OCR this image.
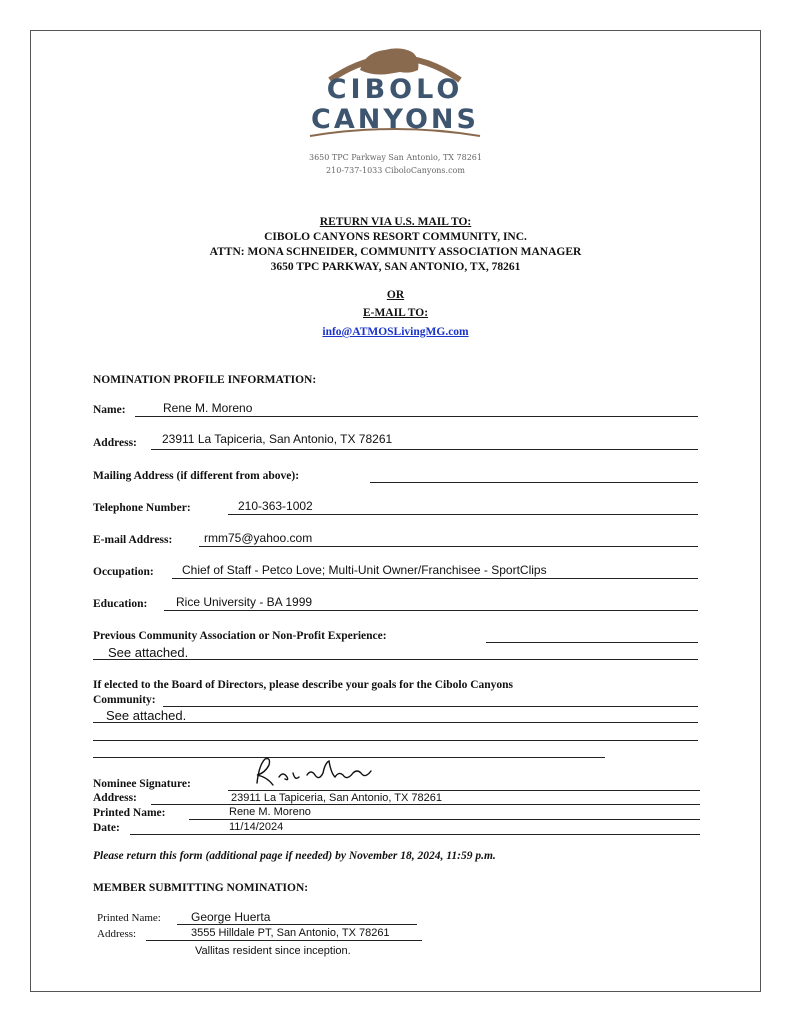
CIBOLO
CANYONS
3650 TPC Parkway San Antonio, TX 78261
210-737-1033 CiboloCanyons.com
RETURN VIA U.S. MAIL TO:
CIBOLO CANYONS RESORT COMMUNITY, INC.
ATTN: MONA SCHNEIDER, COMMUNITY ASSOCIATION MANAGER
3650 TPC PARKWAY, SAN ANTONIO, TX, 78261
OR
E-MAIL TO:
info@ATMOSLivingMG.com
NOMINATION PROFILE INFORMATION:
Name:	Rene M. Moreno
Address: 23911 La Tapiceria, San Antonio, TX 78261
Mailing Address (if different from above):
Telephone Number:	210-363-1002
E-mail Address:	rmm75@yahoo.com
Occupation: Chief of Staff - Petco Love; Multi-Unit Owner/Franchisee - SportClips
Education: Rice University - BA 1999
Previous Community Association or Non-Profit Experience:
See attached.
If elected to the Board of Directors, please describe your goals for the Cibolo Canyons
Community:
See attached.
Nominee Signature:
Address:	23911 La Tapiceria, San Antonio, TX 78261
Printed Name:	Rene M. Moreno
Date:	11/14/2024
Please return this form (additional page if needed) by November 18, 2024, 11:59 p.m.
MEMBER SUBMITTING NOMINATION:
Printed Name:	George Huerta
Address:	3555 Hilldale PT, San Antonio, TX 78261
Vallitas resident since inception.
